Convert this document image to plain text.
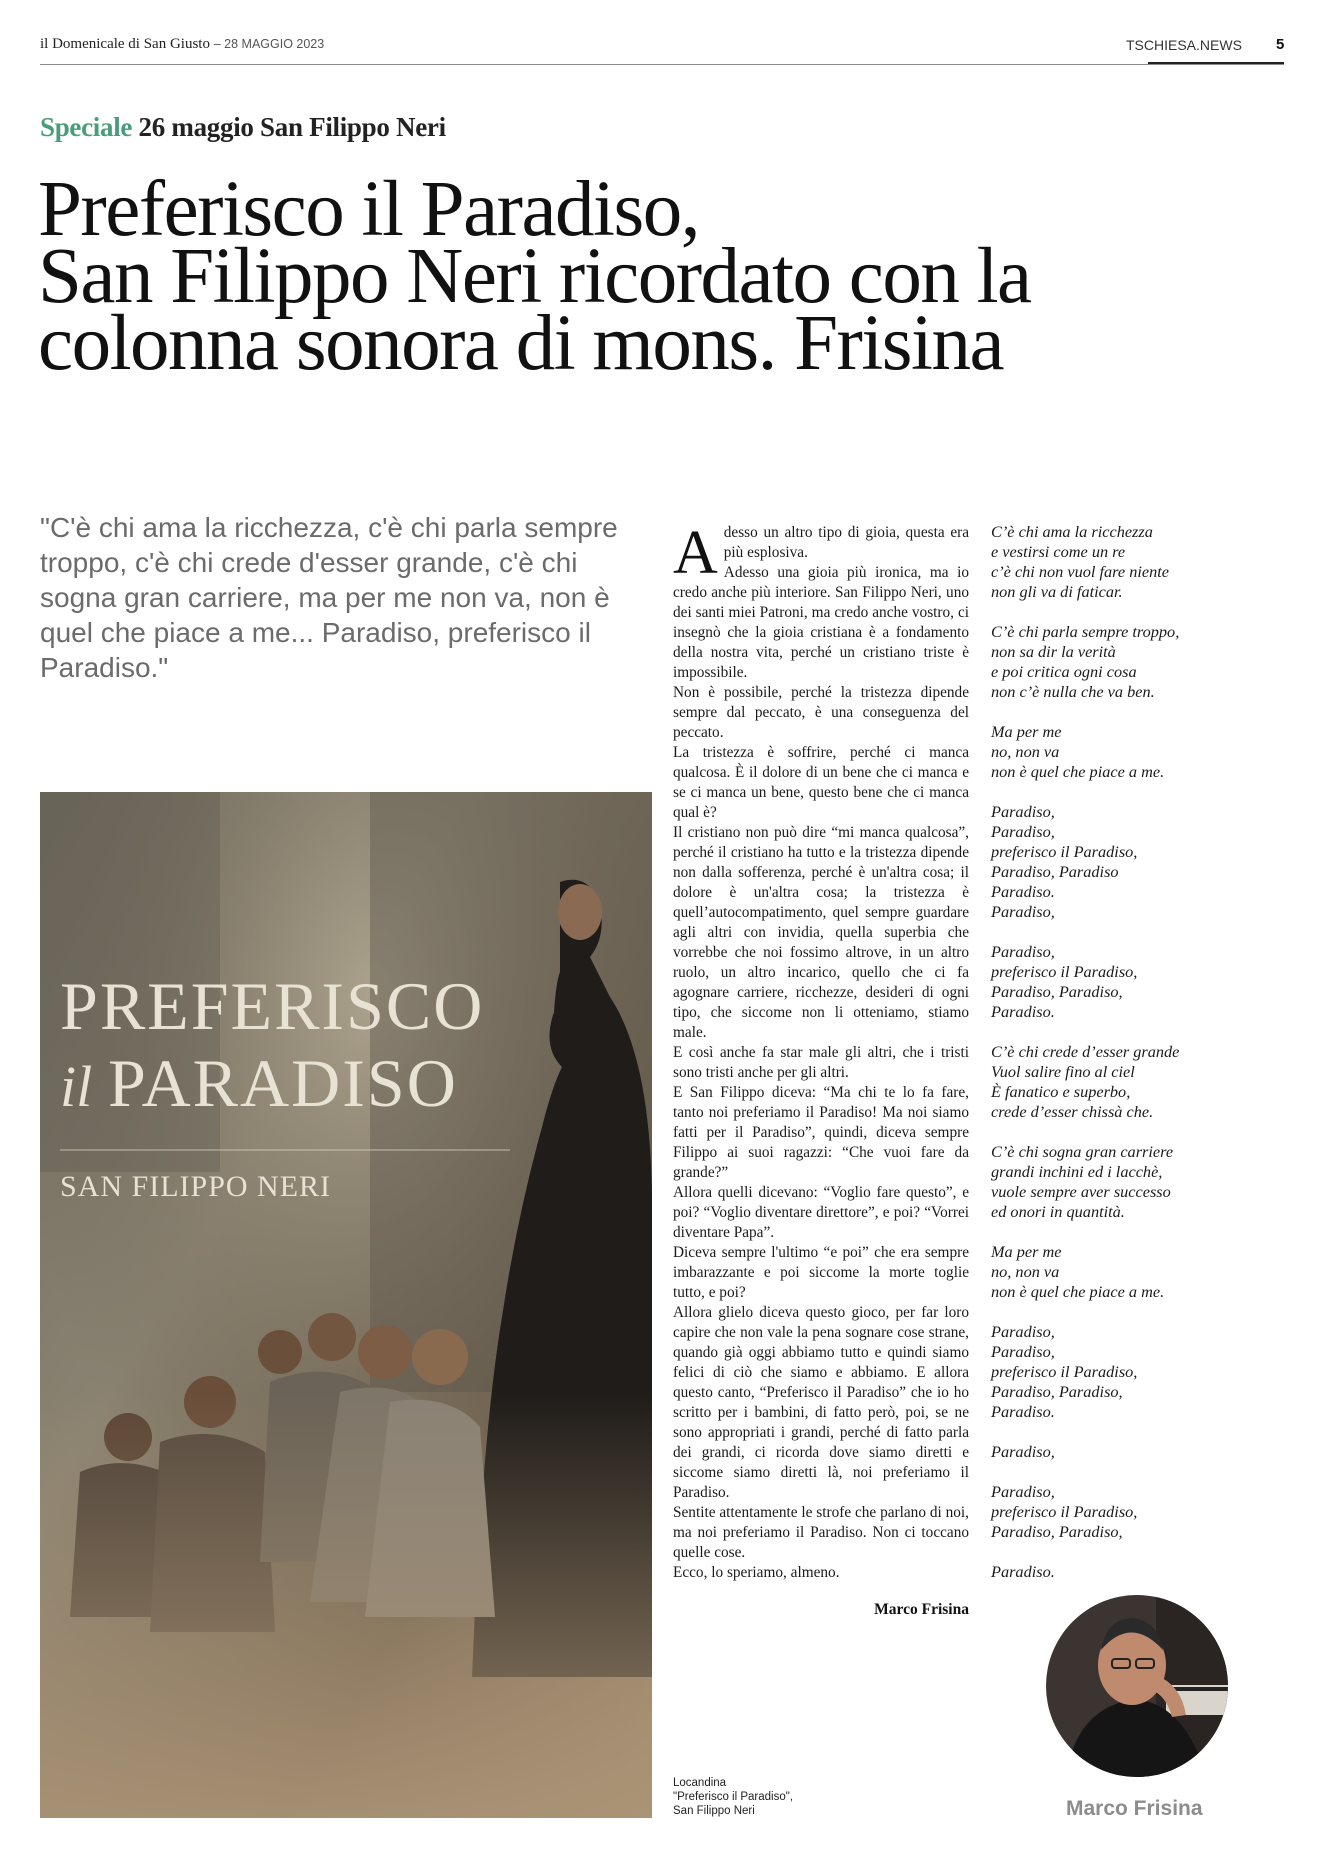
il Domenicale di San Giusto – 28 MAGGIO 2023	TSCHIESA.NEWS 5
Speciale 26 maggio San Filippo Neri
Preferisco il Paradiso,
San Filippo Neri ricordato con la
colonna sonora di mons. Frisina

"C'è chi ama la ricchezza, c'è chi parla sempre troppo, c'è chi crede d'esser grande, c'è chi sogna gran carriere, ma per me non va, non è quel che piace a me... Paradiso, preferisco il Paradiso."

PREFERISCO
il PARADISO
SAN FILIPPO NERI

Adesso un altro tipo di gioia, questa era più esplosiva.

Adesso una gioia più ironica, ma io credo anche più interiore. San Filippo Neri, uno dei santi miei Patroni, ma credo anche vostro, ci insegnò che la gioia cristiana è a fondamento della nostra vita, perché un cristiano triste è impossibile.

Non è possibile, perché la tristezza dipende sempre dal peccato, è una conseguenza del peccato.

La tristezza è soffrire, perché ci manca qualcosa. È il dolore di un bene che ci manca e se ci manca un bene, questo bene che ci manca qual è?

Il cristiano non può dire “mi manca qualcosa”, perché il cristiano ha tutto e la tristezza dipende non dalla sofferenza, perché è un'altra cosa; il dolore è un'altra cosa; la tristezza è quell’autocompatimento, quel sempre guardare agli altri con invidia, quella superbia che vorrebbe che noi fossimo altrove, in un altro ruolo, un altro incarico, quello che ci fa agognare carriere, ricchezze, desideri di ogni tipo, che siccome non li otteniamo, stiamo male.

E così anche fa star male gli altri, che i tristi sono tristi anche per gli altri.

E San Filippo diceva: “Ma chi te lo fa fare, tanto noi preferiamo il Paradiso! Ma noi siamo fatti per il Paradiso”, quindi, diceva sempre Filippo ai suoi ragazzi: “Che vuoi fare da grande?”

Allora quelli dicevano: “Voglio fare questo”, e poi? “Voglio diventare direttore”, e poi? “Vorrei diventare Papa”.

Diceva sempre l'ultimo “e poi” che era sempre imbarazzante e poi siccome la morte toglie tutto, e poi?

Allora glielo diceva questo gioco, per far loro capire che non vale la pena sognare cose strane, quando già oggi abbiamo tutto e quindi siamo felici di ciò che siamo e abbiamo. E allora questo canto, “Preferisco il Paradiso” che io ho scritto per i bambini, di fatto però, poi, se ne sono appropriati i grandi, perché di fatto parla dei grandi, ci ricorda dove siamo diretti e siccome siamo diretti là, noi preferiamo il Paradiso.

Sentite attentamente le strofe che parlano di noi, ma noi preferiamo il Paradiso. Non ci toccano quelle cose.

Ecco, lo speriamo, almeno.

Marco Frisina
C’è chi ama la ricchezza
e vestirsi come un re
c’è chi non vuol fare niente
non gli va di faticar.
C’è chi parla sempre troppo,
non sa dir la verità
e poi critica ogni cosa
non c’è nulla che va ben.
Ma per me
no, non va
non è quel che piace a me.
Paradiso,
Paradiso,
preferisco il Paradiso,
Paradiso, Paradiso
Paradiso.
Paradiso,
Paradiso,
preferisco il Paradiso,
Paradiso, Paradiso,
Paradiso.
C’è chi crede d’esser grande
Vuol salire fino al ciel
È fanatico e superbo,
crede d’esser chissà che.
C’è chi sogna gran carriere
grandi inchini ed i lacchè,
vuole sempre aver successo
ed onori in quantità.
Ma per me
no, non va
non è quel che piace a me.
Paradiso,
Paradiso,
preferisco il Paradiso,
Paradiso, Paradiso,
Paradiso.
Paradiso,
Paradiso,
preferisco il Paradiso,
Paradiso, Paradiso,
Paradiso.
Marco Frisina
Locandina
"Preferisco il Paradiso",
San Filippo Neri
